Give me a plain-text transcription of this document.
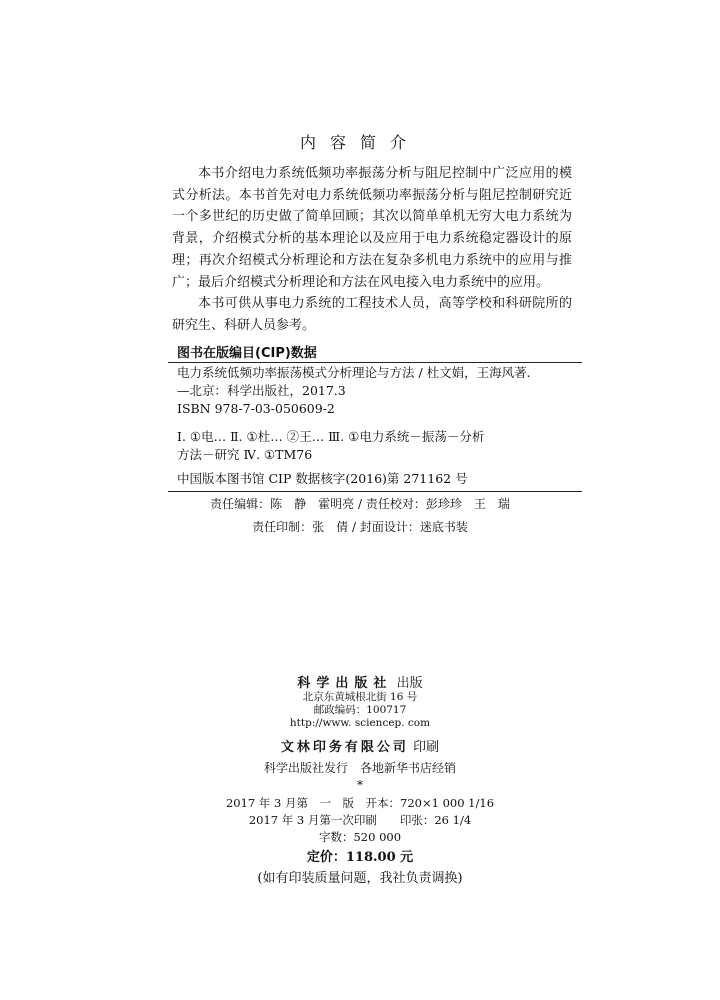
内容简介

本书介绍电力系统低频功率振荡分析与阻尼控制中广泛应用的模式分析法。本书首先对电力系统低频功率振荡分析与阻尼控制研究近一个多世纪的历史做了简单回顾；其次以简单单机无穷大电力系统为背景，介绍模式分析的基本理论以及应用于电力系统稳定器设计的原理；再次介绍模式分析理论和方法在复杂多机电力系统中的应用与推广；最后介绍模式分析理论和方法在风电接入电力系统中的应用。

本书可供从事电力系统的工程技术人员，高等学校和科研院所的研究生、科研人员参考。

图书在版编目(CIP)数据
电力系统低频功率振荡模式分析理论与方法 / 杜文娟，王海风著.
—北京：科学出版社，2017.3
ISBN 978-7-03-050609-2
Ⅰ. ①电… Ⅱ. ①杜… ②王… Ⅲ. ①电力系统－振荡－分析
方法－研究 Ⅳ. ①TM76
中国版本图书馆 CIP 数据核字(2016)第 271162 号
责任编辑：陈　静　霍明亮 / 责任校对：彭珍珍　王　瑞
责任印制：张　倩 / 封面设计：迷底书装
科学出版社 出版
北京东黄城根北街 16 号
邮政编码：100717
http://www. sciencep. com
文林印务有限公司 印刷
科学出版社发行　各地新华书店经销
*
2017 年 3 月第　一　版　开本：720×1 000 1/16
2017 年 3 月第一次印刷　　印张：26 1/4
字数：520 000
定价：118.00 元
(如有印装质量问题，我社负责调换)
